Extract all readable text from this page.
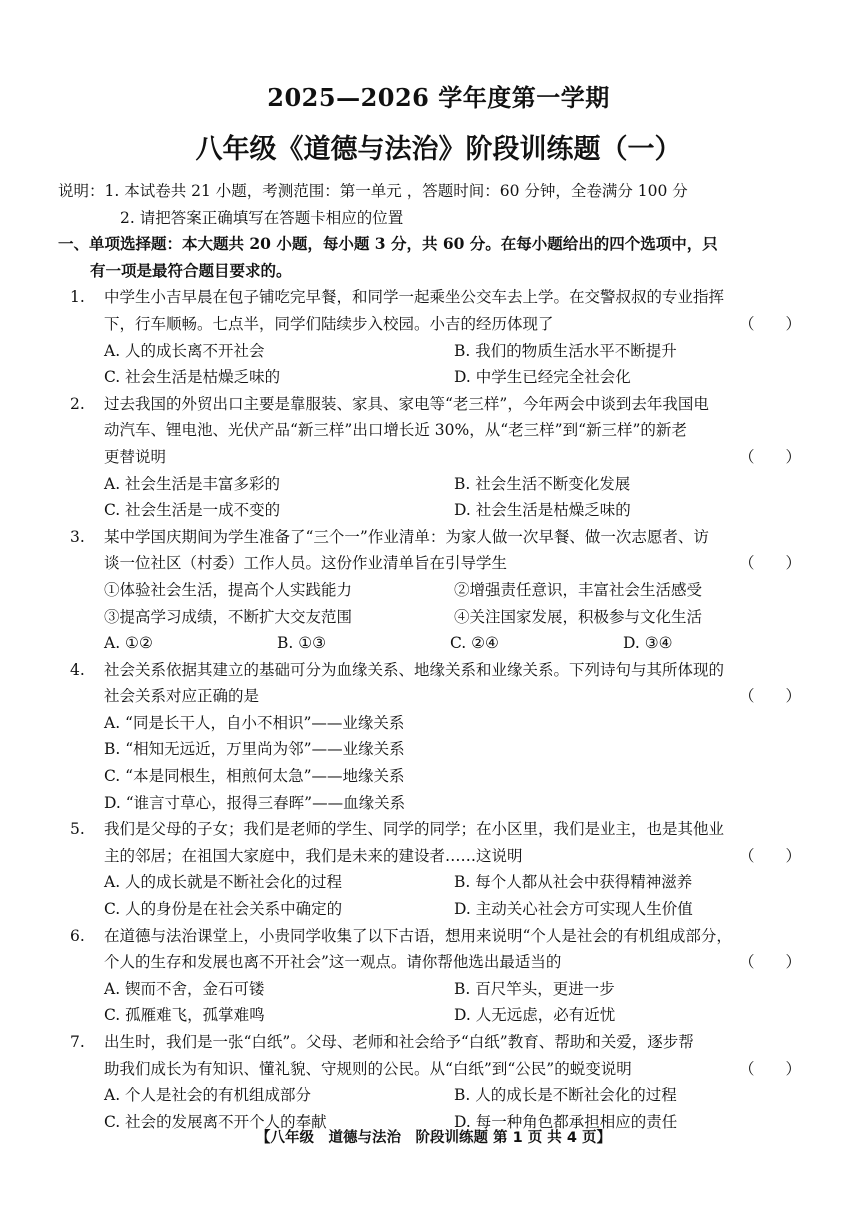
2025—2026 学年度第一学期
八年级《道德与法治》阶段训练题（一）
说明：1. 本试卷共 21 小题，考测范围：第一单元 ，答题时间：60 分钟，全卷满分 100 分
2. 请把答案正确填写在答题卡相应的位置
一、单项选择题：本大题共 20 小题，每小题 3 分，共 60 分。在每小题给出的四个选项中，只
有一项是最符合题目要求的。
1.	中学生小吉早晨在包子铺吃完早餐，和同学一起乘坐公交车去上学。在交警叔叔的专业指挥
下，行车顺畅。七点半，同学们陆续步入校园。小吉的经历体现了	（　　）
A. 人的成长离不开社会	B. 我们的物质生活水平不断提升
C. 社会生活是枯燥乏味的	D. 中学生已经完全社会化
2.	过去我国的外贸出口主要是靠服装、家具、家电等“老三样”，今年两会中谈到去年我国电
动汽车、锂电池、光伏产品“新三样”出口增长近 30%，从“老三样”到“新三样”的新老
更替说明	（　　）
A. 社会生活是丰富多彩的	B. 社会生活不断变化发展
C. 社会生活是一成不变的	D. 社会生活是枯燥乏味的
3.	某中学国庆期间为学生准备了“三个一”作业清单：为家人做一次早餐、做一次志愿者、访
谈一位社区（村委）工作人员。这份作业清单旨在引导学生	（　　）
①体验社会生活，提高个人实践能力	②增强责任意识，丰富社会生活感受
③提高学习成绩，不断扩大交友范围	④关注国家发展，积极参与文化生活
A. ①②	B. ①③	C. ②④	D. ③④
4.	社会关系依据其建立的基础可分为血缘关系、地缘关系和业缘关系。下列诗句与其所体现的
社会关系对应正确的是	（　　）
A. “同是长干人，自小不相识”——业缘关系
B. “相知无远近，万里尚为邻”——业缘关系
C. “本是同根生，相煎何太急”——地缘关系
D. “谁言寸草心，报得三春晖”——血缘关系
5.	我们是父母的子女；我们是老师的学生、同学的同学；在小区里，我们是业主，也是其他业
主的邻居；在祖国大家庭中，我们是未来的建设者……这说明	（　　）
A. 人的成长就是不断社会化的过程	B. 每个人都从社会中获得精神滋养
C. 人的身份是在社会关系中确定的	D. 主动关心社会方可实现人生价值
6.	在道德与法治课堂上，小贵同学收集了以下古语，想用来说明“个人是社会的有机组成部分，
个人的生存和发展也离不开社会”这一观点。请你帮他选出最适当的	（　　）
A. 锲而不舍，金石可镂	B. 百尺竿头，更进一步
C. 孤雁难飞，孤掌难鸣	D. 人无远虑，必有近忧
7.	出生时，我们是一张“白纸”。父母、老师和社会给予“白纸”教育、帮助和关爱，逐步帮
助我们成长为有知识、懂礼貌、守规则的公民。从“白纸”到“公民”的蜕变说明	（　　）
A. 个人是社会的有机组成部分	B. 人的成长是不断社会化的过程
C. 社会的发展离不开个人的奉献	D. 每一种角色都承担相应的责任
【八年级　道德与法治　阶段训练题 第 1 页 共 4 页】
